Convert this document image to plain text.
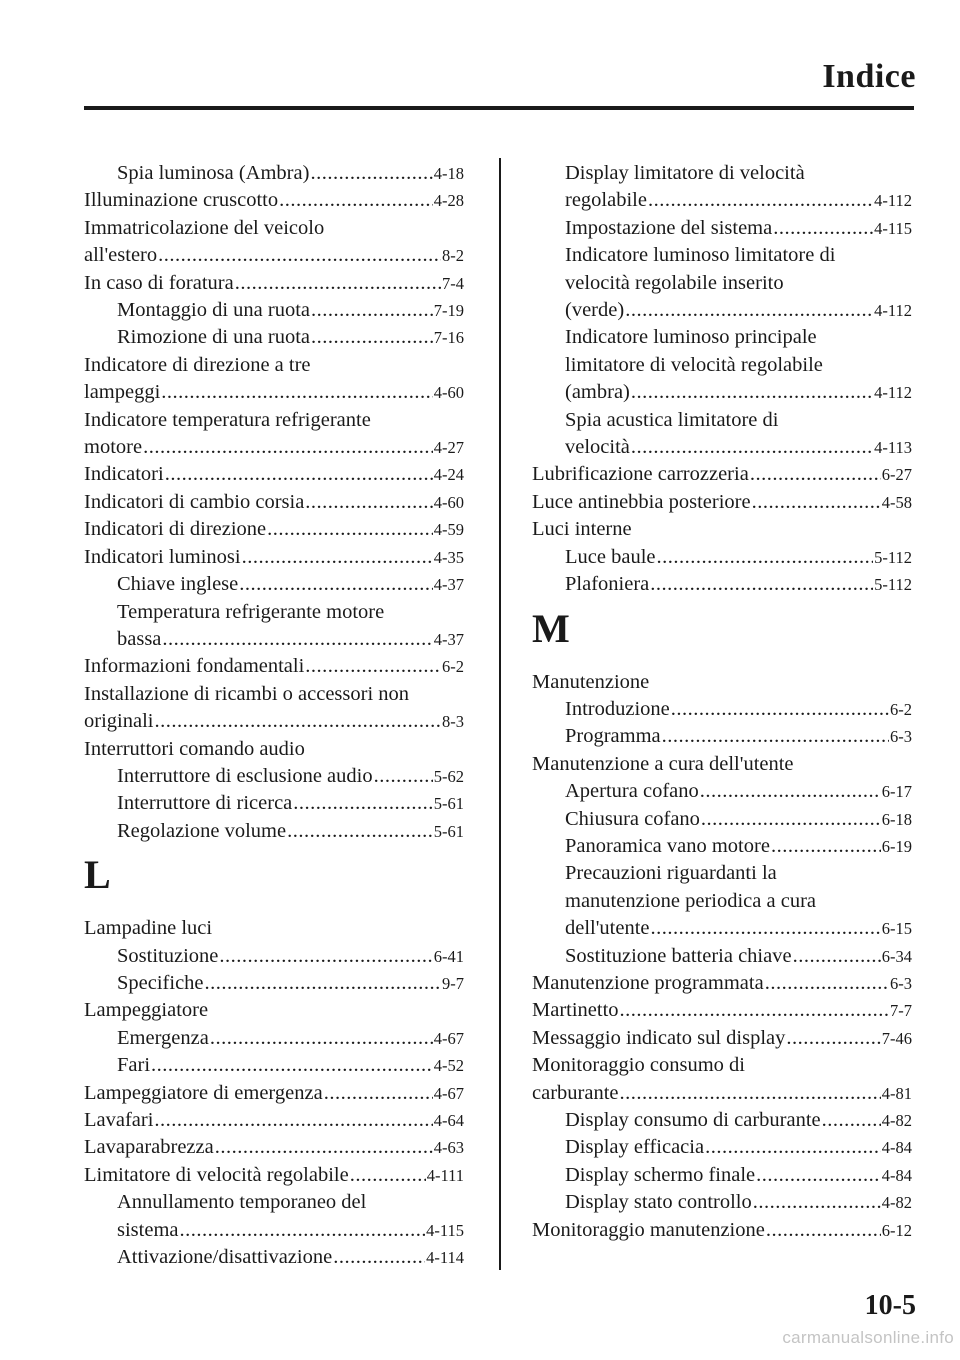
Indice
Spia luminosa (Ambra) .....	4-18
Illuminazione cruscotto .....	4-28
Immatricolazione del veicolo
all'estero .....	8-2
In caso di foratura .....	7-4
Montaggio di una ruota .....	7-19
Rimozione di una ruota .....	7-16
Indicatore di direzione a tre
lampeggi .....	4-60
Indicatore temperatura refrigerante
motore .....	4-27
Indicatori .....	4-24
Indicatori di cambio corsia .....	4-60
Indicatori di direzione .....	4-59
Indicatori luminosi .....	4-35
Chiave inglese .....	4-37
Temperatura refrigerante motore
bassa .....	4-37
Informazioni fondamentali .....	6-2
Installazione di ricambi o accessori non
originali .....	8-3
Interruttori comando audio
Interruttore di esclusione audio .....	5-62
Interruttore di ricerca .....	5-61
Regolazione volume .....	5-61
L
Lampadine luci
Sostituzione .....	6-41
Specifiche .....	9-7
Lampeggiatore
Emergenza .....	4-67
Fari .....	4-52
Lampeggiatore di emergenza .....	4-67
Lavafari .....	4-64
Lavaparabrezza .....	4-63
Limitatore di velocità regolabile .....	4-111
Annullamento temporaneo del
sistema .....	4-115
Attivazione/disattivazione .....	4-114
Display limitatore di velocità
regolabile .....	4-112
Impostazione del sistema .....	4-115
Indicatore luminoso limitatore di
velocità regolabile inserito
(verde) .....	4-112
Indicatore luminoso principale
limitatore di velocità regolabile
(ambra) .....	4-112
Spia acustica limitatore di
velocità .....	4-113
Lubrificazione carrozzeria .....	6-27
Luce antinebbia posteriore .....	4-58
Luci interne
Luce baule .....	5-112
Plafoniera .....	5-112
M
Manutenzione
Introduzione .....	6-2
Programma .....	6-3
Manutenzione a cura dell'utente
Apertura cofano .....	6-17
Chiusura cofano .....	6-18
Panoramica vano motore .....	6-19
Precauzioni riguardanti la
manutenzione periodica a cura
dell'utente .....	6-15
Sostituzione batteria chiave .....	6-34
Manutenzione programmata .....	6-3
Martinetto .....	7-7
Messaggio indicato sul display .....	7-46
Monitoraggio consumo di
carburante .....	4-81
Display consumo di carburante .....	4-82
Display efficacia .....	4-84
Display schermo finale .....	4-84
Display stato controllo .....	4-82
Monitoraggio manutenzione .....	6-12
10-5
carmanualsonline.info
